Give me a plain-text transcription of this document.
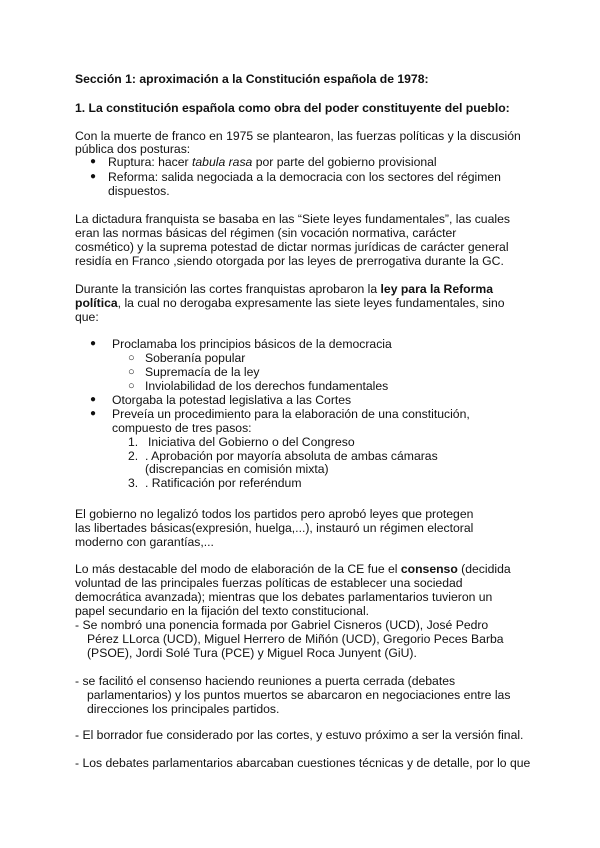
Sección 1: aproximación a la Constitución española de 1978:
1. La constitución española como obra del poder constituyente del pueblo:
Con la muerte de franco en 1975 se plantearon, las fuerzas políticas y la discusión
pública dos posturas:
● Ruptura: hacer tabula rasa por parte del gobierno provisional
● Reforma: salida negociada a la democracia con los sectores del régimen
dispuestos.
La dictadura franquista se basaba en las “Siete leyes fundamentales”, las cuales
eran las normas básicas del régimen (sin vocación normativa, carácter
cosmético) y la suprema potestad de dictar normas jurídicas de carácter general
residía en Franco ,siendo otorgada por las leyes de prerrogativa durante la GC.
Durante la transición las cortes franquistas aprobaron la ley para la Reforma
política, la cual no derogaba expresamente las siete leyes fundamentales, sino
que:
● Proclamaba los principios básicos de la democracia
○ Soberanía popular
○ Supremacía de la ley
○ Inviolabilidad de los derechos fundamentales
● Otorgaba la potestad legislativa a las Cortes
● Preveía un procedimiento para la elaboración de una constitución,
compuesto de tres pasos:
1. Iniciativa del Gobierno o del Congreso
2. . Aprobación por mayoría absoluta de ambas cámaras
(discrepancias en comisión mixta)
3. . Ratificación por referéndum
El gobierno no legalizó todos los partidos pero aprobó leyes que protegen
las libertades básicas(expresión, huelga,...), instauró un régimen electoral
moderno con garantías,...
Lo más destacable del modo de elaboración de la CE fue el consenso (decidida
voluntad de las principales fuerzas políticas de establecer una sociedad
democrática avanzada); mientras que los debates parlamentarios tuvieron un
papel secundario en la fijación del texto constitucional.
- Se nombró una ponencia formada por Gabriel Cisneros (UCD), José Pedro
Pérez LLorca (UCD), Miguel Herrero de Miñón (UCD), Gregorio Peces Barba
(PSOE), Jordi Solé Tura (PCE) y Miguel Roca Junyent (GiU).
- se facilitó el consenso haciendo reuniones a puerta cerrada (debates
parlamentarios) y los puntos muertos se abarcaron en negociaciones entre las
direcciones los principales partidos.
- El borrador fue considerado por las cortes, y estuvo próximo a ser la versión final.
- Los debates parlamentarios abarcaban cuestiones técnicas y de detalle, por lo que
